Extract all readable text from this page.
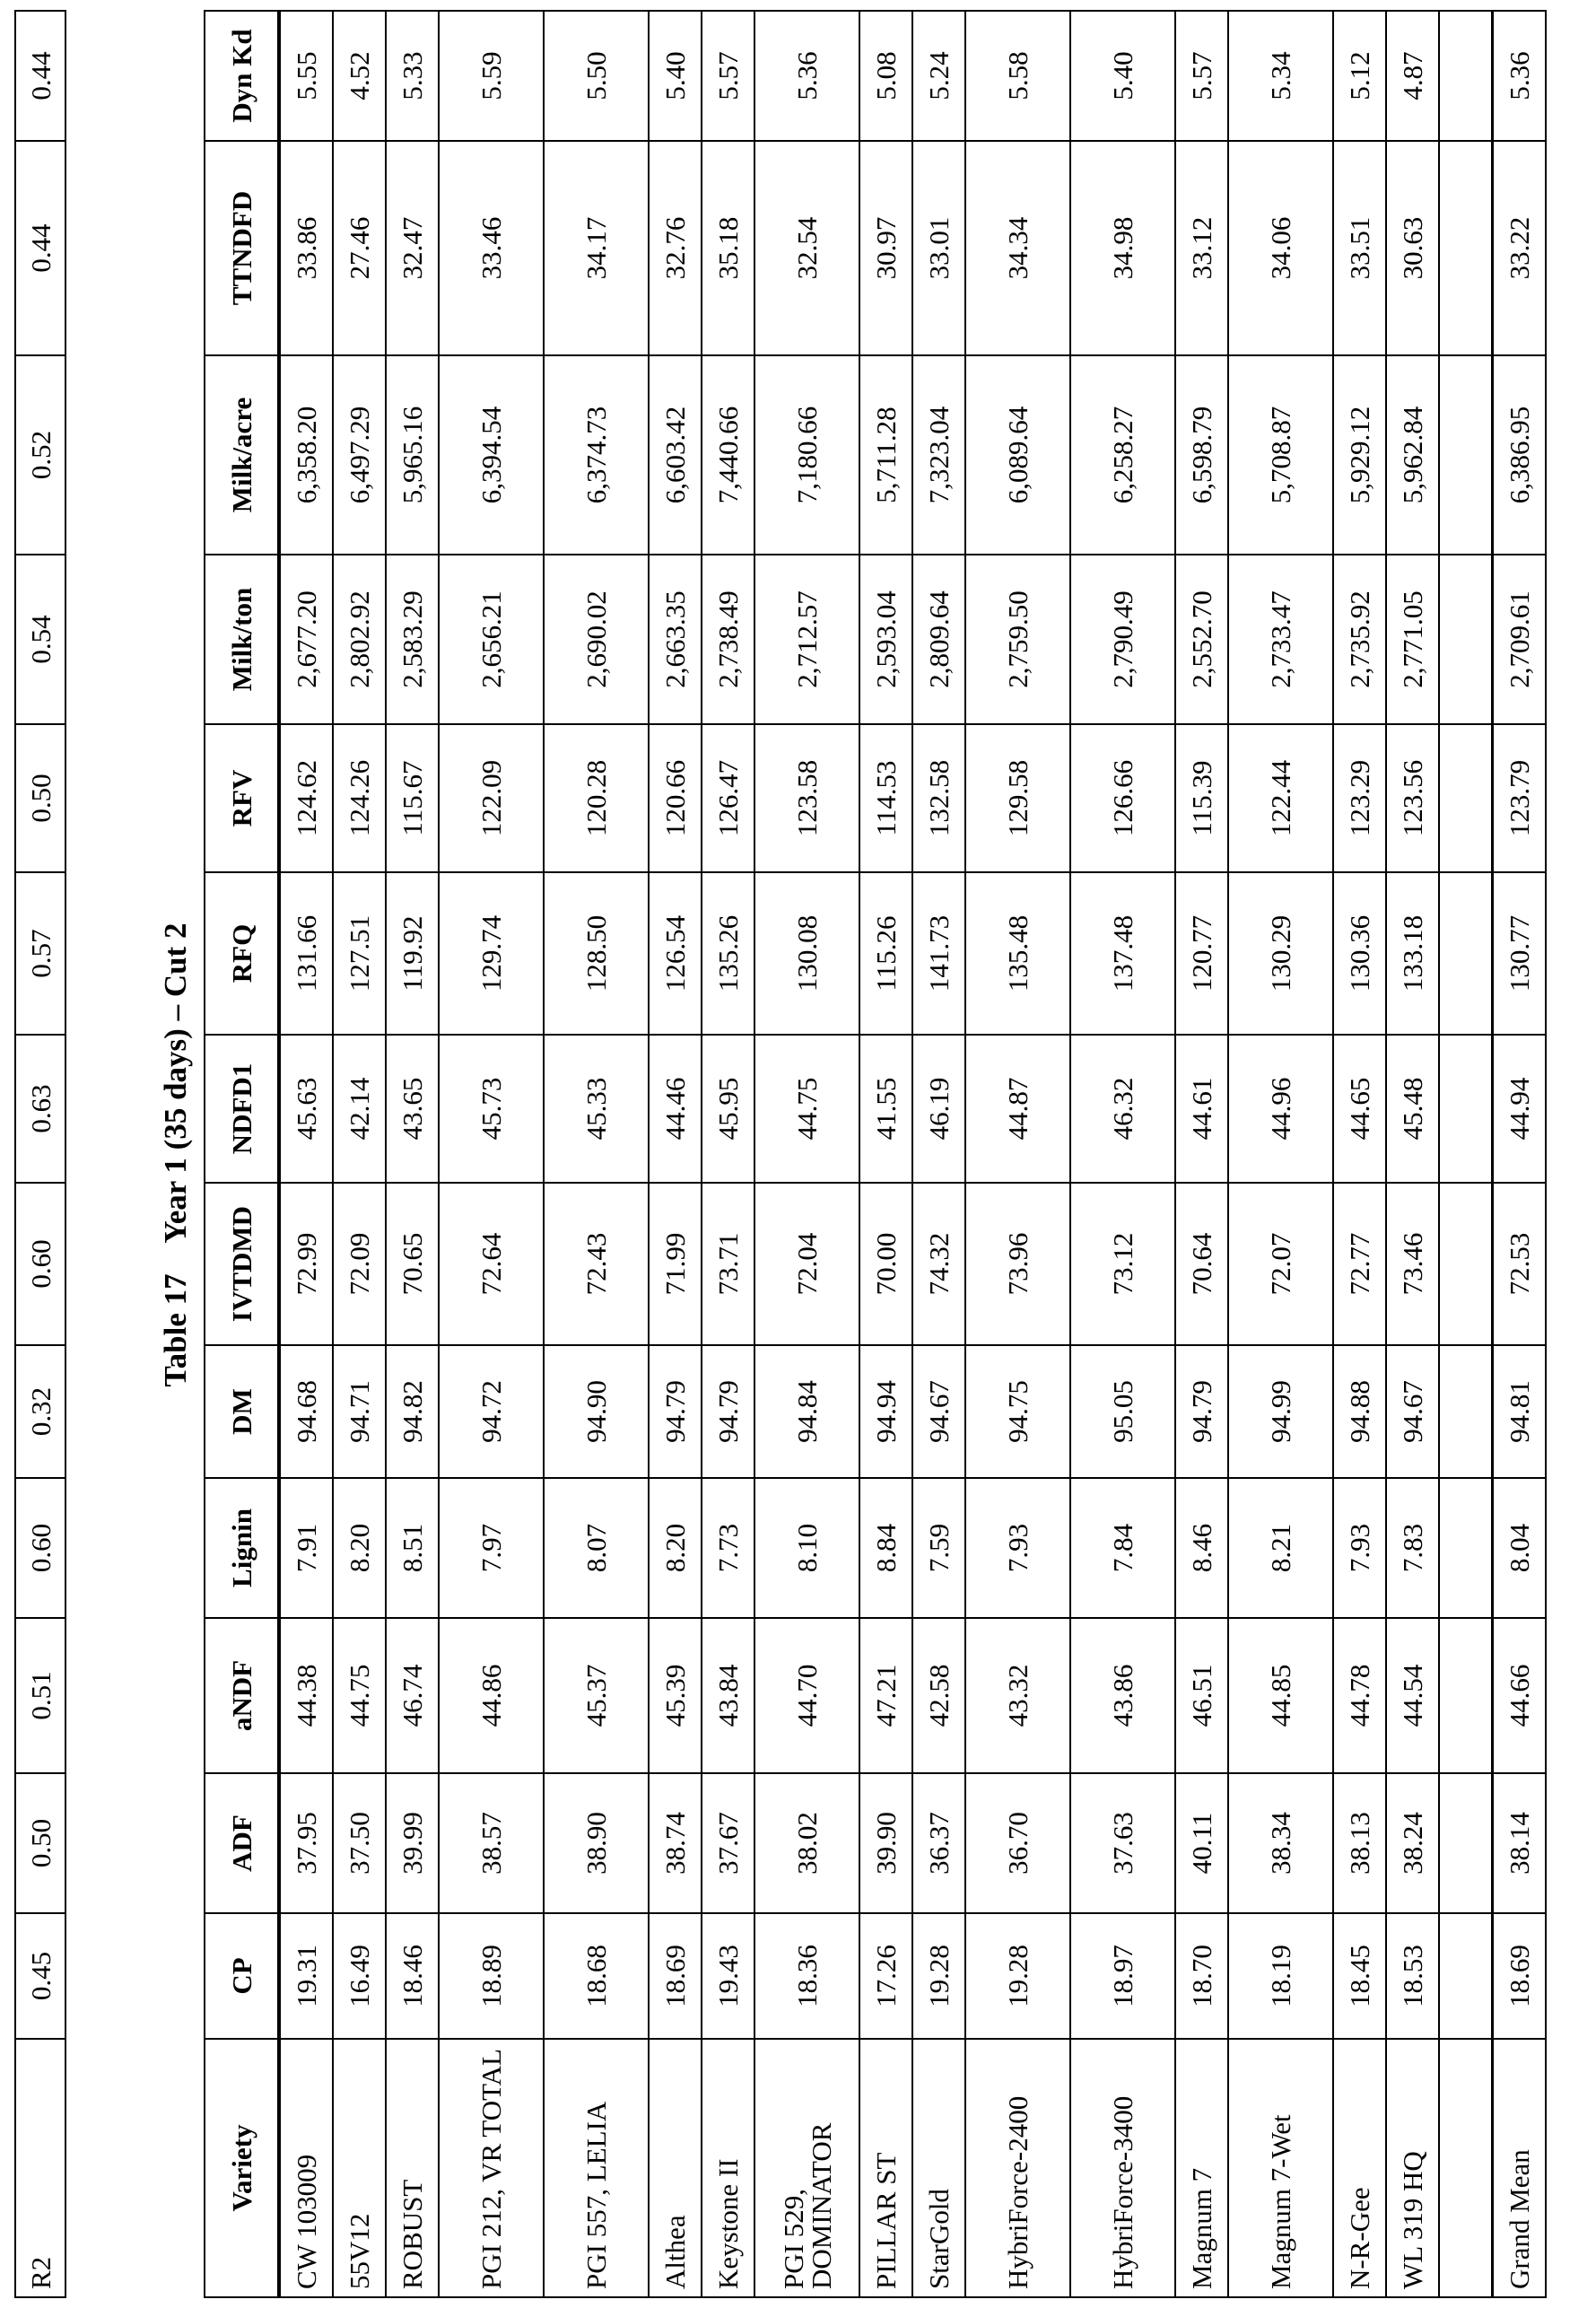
R2	0.45	0.50	0.51	0.60	0.32	0.60	0.63	0.57	0.50	0.54	0.52	0.44	0.44
Table 17    Year 1 (35 days) – Cut 2
Variety	CP	ADF	aNDF	Lignin	DM	IVTDMD	NDFD1	RFQ	RFV	Milk/ton	Milk/acre	TTNDFD	Dyn Kd
CW 103009	19.31	37.95	44.38	7.91	94.68	72.99	45.63	131.66	124.62	2,677.20	6,358.20	33.86	5.55
55V12	16.49	37.50	44.75	8.20	94.71	72.09	42.14	127.51	124.26	2,802.92	6,497.29	27.46	4.52
ROBUST	18.46	39.99	46.74	8.51	94.82	70.65	43.65	119.92	115.67	2,583.29	5,965.16	32.47	5.33
PGI 212, VR TOTAL	18.89	38.57	44.86	7.97	94.72	72.64	45.73	129.74	122.09	2,656.21	6,394.54	33.46	5.59
PGI 557, LELIA	18.68	38.90	45.37	8.07	94.90	72.43	45.33	128.50	120.28	2,690.02	6,374.73	34.17	5.50
Althea	18.69	38.74	45.39	8.20	94.79	71.99	44.46	126.54	120.66	2,663.35	6,603.42	32.76	5.40
Keystone II	19.43	37.67	43.84	7.73	94.79	73.71	45.95	135.26	126.47	2,738.49	7,440.66	35.18	5.57
PGI 529, DOMINATOR	18.36	38.02	44.70	8.10	94.84	72.04	44.75	130.08	123.58	2,712.57	7,180.66	32.54	5.36
PILLAR ST	17.26	39.90	47.21	8.84	94.94	70.00	41.55	115.26	114.53	2,593.04	5,711.28	30.97	5.08
StarGold	19.28	36.37	42.58	7.59	94.67	74.32	46.19	141.73	132.58	2,809.64	7,323.04	33.01	5.24
HybriForce-2400	19.28	36.70	43.32	7.93	94.75	73.96	44.87	135.48	129.58	2,759.50	6,089.64	34.34	5.58
HybriForce-3400	18.97	37.63	43.86	7.84	95.05	73.12	46.32	137.48	126.66	2,790.49	6,258.27	34.98	5.40
Magnum 7	18.70	40.11	46.51	8.46	94.79	70.64	44.61	120.77	115.39	2,552.70	6,598.79	33.12	5.57
Magnum 7-Wet	18.19	38.34	44.85	8.21	94.99	72.07	44.96	130.29	122.44	2,733.47	5,708.87	34.06	5.34
N-R-Gee	18.45	38.13	44.78	7.93	94.88	72.77	44.65	130.36	123.29	2,735.92	5,929.12	33.51	5.12
WL 319 HQ	18.53	38.24	44.54	7.83	94.67	73.46	45.48	133.18	123.56	2,771.05	5,962.84	30.63	4.87

Grand Mean	18.69	38.14	44.66	8.04	94.81	72.53	44.94	130.77	123.79	2,709.61	6,386.95	33.22	5.36
